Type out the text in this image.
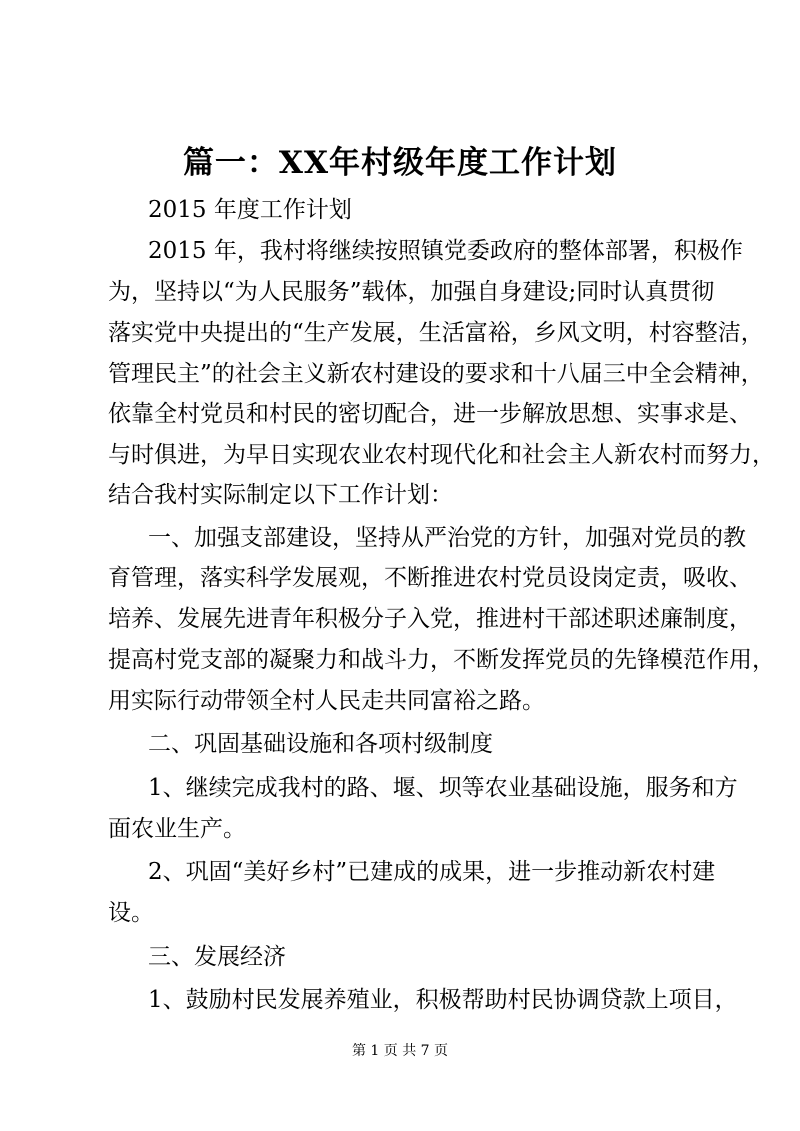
篇一：XX年村级年度工作计划
2015 年度工作计划
2015 年，我村将继续按照镇党委政府的整体部署，积极作
为，坚持以“为人民服务”载体，加强自身建设;同时认真贯彻
落实党中央提出的“生产发展，生活富裕，乡风文明，村容整洁，
管理民主”的社会主义新农村建设的要求和十八届三中全会精神，
依靠全村党员和村民的密切配合，进一步解放思想、实事求是、
与时俱进，为早日实现农业农村现代化和社会主人新农村而努力，
结合我村实际制定以下工作计划：
一、加强支部建设，坚持从严治党的方针，加强对党员的教
育管理，落实科学发展观，不断推进农村党员设岗定责，吸收、
培养、发展先进青年积极分子入党，推进村干部述职述廉制度，
提高村党支部的凝聚力和战斗力，不断发挥党员的先锋模范作用，
用实际行动带领全村人民走共同富裕之路。
二、巩固基础设施和各项村级制度
1、继续完成我村的路、堰、坝等农业基础设施，服务和方
面农业生产。
2、巩固“美好乡村”已建成的成果，进一步推动新农村建
设。
三、发展经济
1、鼓励村民发展养殖业，积极帮助村民协调贷款上项目，
第 1 页 共 7 页
